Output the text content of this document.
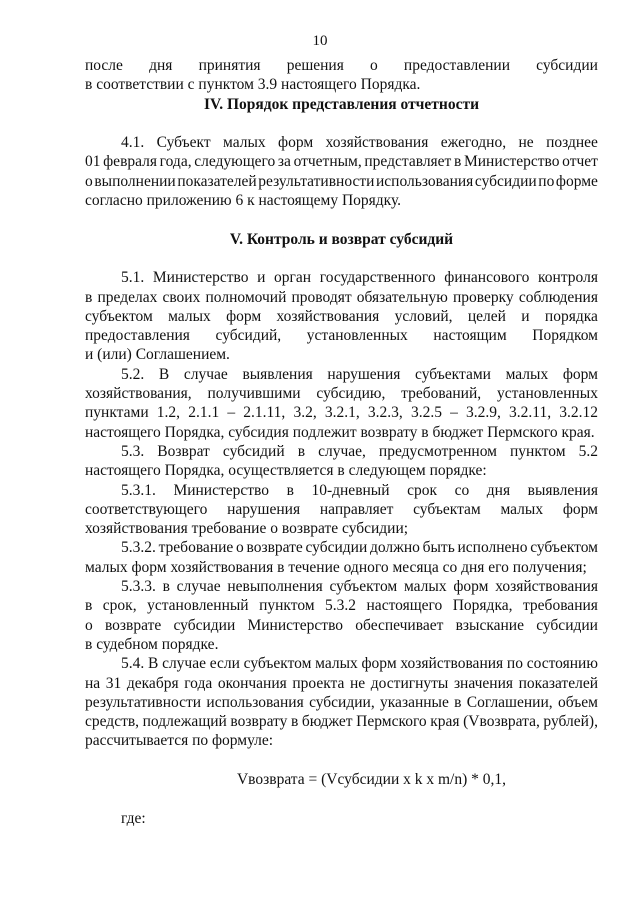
10
после дня принятия решения о предоставлении субсидии
в соответствии с пунктом 3.9 настоящего Порядка.
IV. Порядок представления отчетности
4.1. Субъект малых форм хозяйствования ежегодно, не позднее
01 февраля года, следующего за отчетным, представляет в Министерство отчет
о выполнении показателей результативности использования субсидии по форме
согласно приложению 6 к настоящему Порядку.
V. Контроль и возврат субсидий
5.1. Министерство и орган государственного финансового контроля
в пределах своих полномочий проводят обязательную проверку соблюдения
субъектом малых форм хозяйствования условий, целей и порядка
предоставления субсидий, установленных настоящим Порядком
и (или) Соглашением.
5.2. В случае выявления нарушения субъектами малых форм
хозяйствования, получившими субсидию, требований, установленных
пунктами 1.2, 2.1.1 – 2.1.11, 3.2, 3.2.1, 3.2.3, 3.2.5 – 3.2.9, 3.2.11, 3.2.12
настоящего Порядка, субсидия подлежит возврату в бюджет Пермского края.
5.3. Возврат субсидий в случае, предусмотренном пунктом 5.2
настоящего Порядка, осуществляется в следующем порядке:
5.3.1. Министерство в 10-дневный срок со дня выявления
соответствующего нарушения направляет субъектам малых форм
хозяйствования требование о возврате субсидии;
5.3.2. требование о возврате субсидии должно быть исполнено субъектом
малых форм хозяйствования в течение одного месяца со дня его получения;
5.3.3. в случае невыполнения субъектом малых форм хозяйствования
в срок, установленный пунктом 5.3.2 настоящего Порядка, требования
о возврате субсидии Министерство обеспечивает взыскание субсидии
в судебном порядке.
5.4. В случае если субъектом малых форм хозяйствования по состоянию
на 31 декабря года окончания проекта не достигнуты значения показателей
результативности использования субсидии, указанные в Соглашении, объем
средств, подлежащий возврату в бюджет Пермского края (Vвозврата, рублей),
рассчитывается по формуле:
Vвозврата = (Vсубсидии x k x m/n) * 0,1,
где:
